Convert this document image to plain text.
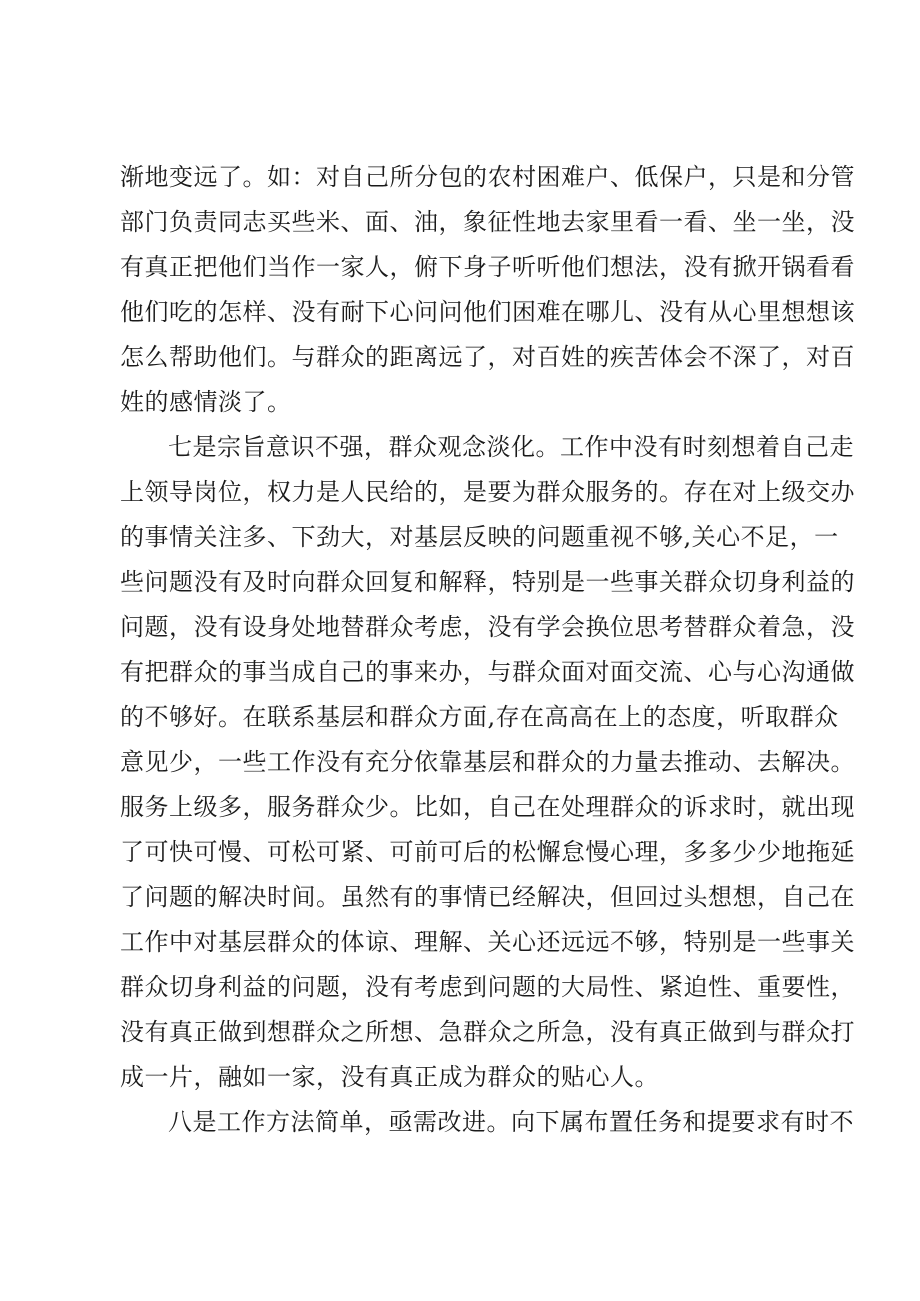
渐地变远了。如：对自己所分包的农村困难户、低保户，只是和分管
部门负责同志买些米、面、油，象征性地去家里看一看、坐一坐，没
有真正把他们当作一家人，俯下身子听听他们想法，没有掀开锅看看
他们吃的怎样、没有耐下心问问他们困难在哪儿、没有从心里想想该
怎么帮助他们。与群众的距离远了，对百姓的疾苦体会不深了，对百
姓的感情淡了。
七是宗旨意识不强，群众观念淡化。工作中没有时刻想着自己走
上领导岗位，权力是人民给的，是要为群众服务的。存在对上级交办
的事情关注多、下劲大，对基层反映的问题重视不够,关心不足，一
些问题没有及时向群众回复和解释，特别是一些事关群众切身利益的
问题，没有设身处地替群众考虑，没有学会换位思考替群众着急，没
有把群众的事当成自己的事来办，与群众面对面交流、心与心沟通做
的不够好。在联系基层和群众方面,存在高高在上的态度，听取群众
意见少，一些工作没有充分依靠基层和群众的力量去推动、去解决。
服务上级多，服务群众少。比如，自己在处理群众的诉求时，就出现
了可快可慢、可松可紧、可前可后的松懈怠慢心理，多多少少地拖延
了问题的解决时间。虽然有的事情已经解决，但回过头想想，自己在
工作中对基层群众的体谅、理解、关心还远远不够，特别是一些事关
群众切身利益的问题，没有考虑到问题的大局性、紧迫性、重要性，
没有真正做到想群众之所想、急群众之所急，没有真正做到与群众打
成一片，融如一家，没有真正成为群众的贴心人。
八是工作方法简单，亟需改进。向下属布置任务和提要求有时不
